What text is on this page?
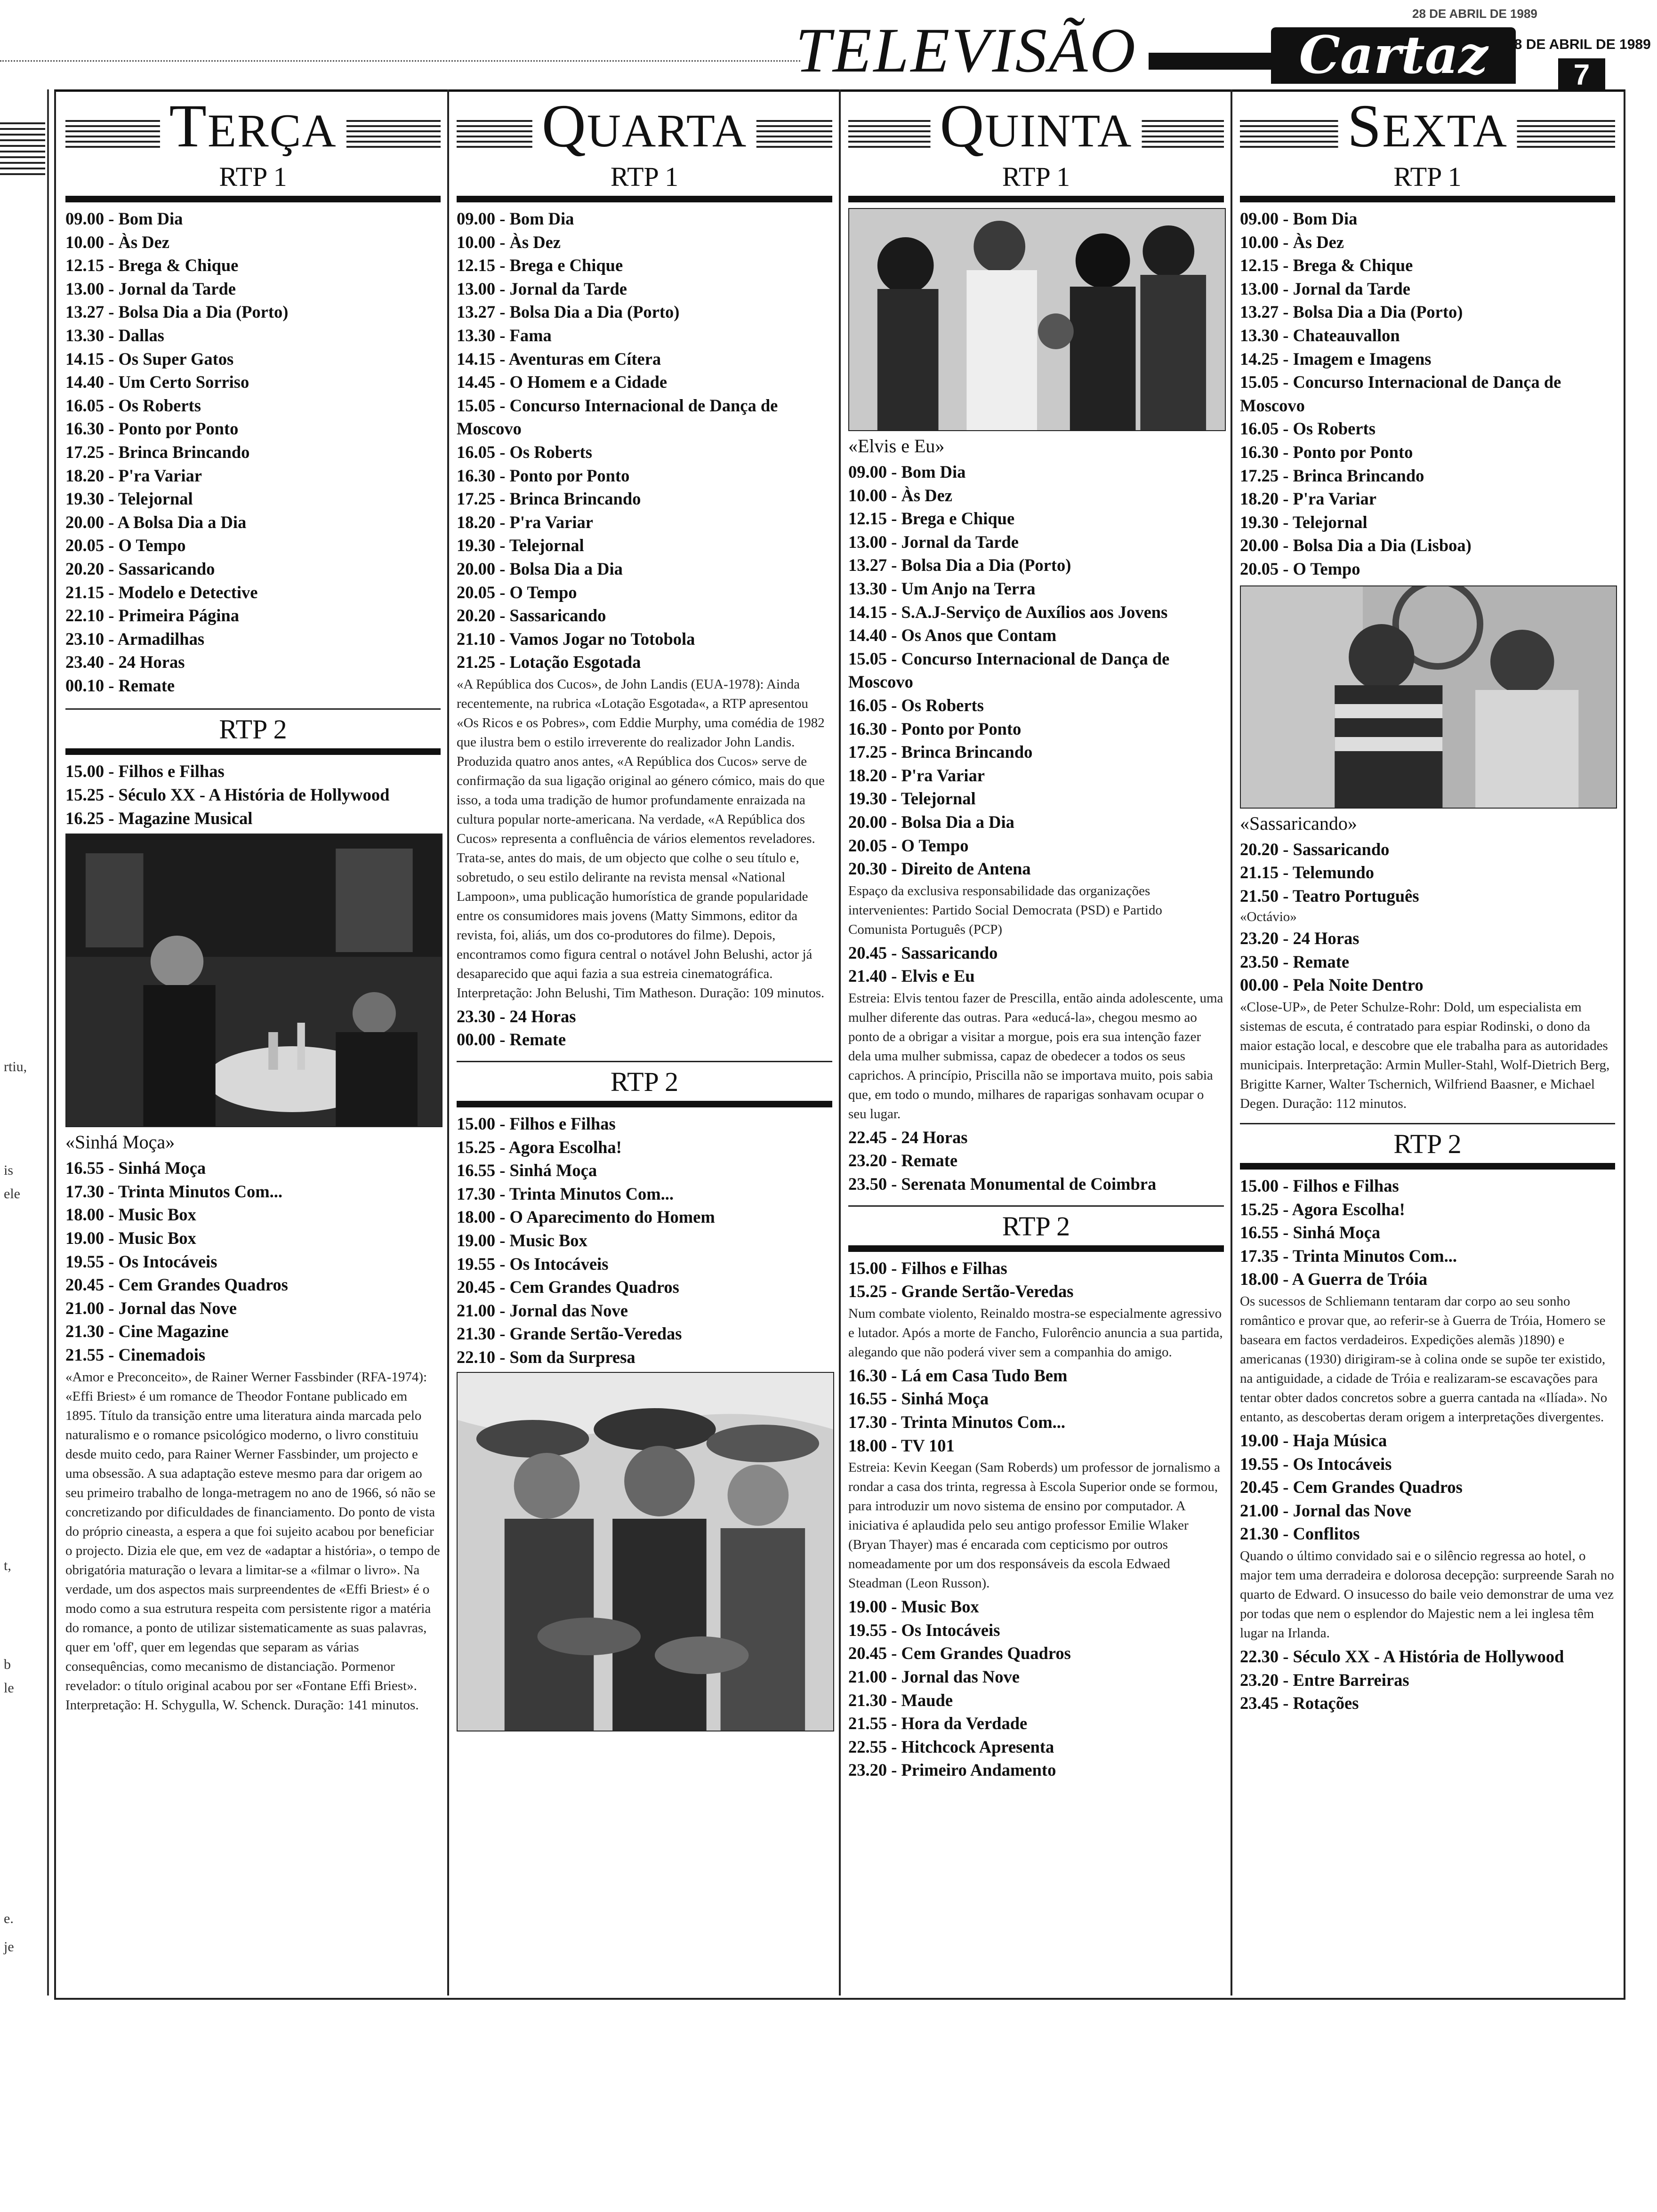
28 DE ABRIL DE 1989
TELEVISÃO	Cartaz	28 DE ABRIL DE 1989
7
rtiu,
is
ele
t,
b
le
e.
je
TERÇA
RTP 1
09.00 - Bom Dia
10.00 - Às Dez
12.15 - Brega & Chique
13.00 - Jornal da Tarde
13.27 - Bolsa Dia a Dia (Porto)
13.30 - Dallas
14.15 - Os Super Gatos
14.40 - Um Certo Sorriso
16.05 - Os Roberts
16.30 - Ponto por Ponto
17.25 - Brinca Brincando
18.20 - P'ra Variar
19.30 - Telejornal
20.00 - A Bolsa Dia a Dia
20.05 - O Tempo
20.20 - Sassaricando
21.15 - Modelo e Detective
22.10 - Primeira Página
23.10 - Armadilhas
23.40 - 24 Horas
00.10 - Remate
RTP 2
15.00 - Filhos e Filhas
15.25 - Século XX - A História de Hollywood
16.25 - Magazine Musical
«Sinhá Moça»
16.55 - Sinhá Moça
17.30 - Trinta Minutos Com...
18.00 - Music Box
19.00 - Music Box
19.55 - Os Intocáveis
20.45 - Cem Grandes Quadros
21.00 - Jornal das Nove
21.30 - Cine Magazine
21.55 - Cinemadois

«Amor e Preconceito», de Rainer Werner Fassbinder (RFA-1974): «Effi Briest» é um romance de Theodor Fontane publicado em 1895. Título da transição entre uma literatura ainda marcada pelo naturalismo e o romance psicológico moderno, o livro constituiu desde muito cedo, para Rainer Werner Fassbinder, um projecto e uma obsessão. A sua adaptação esteve mesmo para dar origem ao seu primeiro trabalho de longa-metragem no ano de 1966, só não se concretizando por dificuldades de financiamento. Do ponto de vista do próprio cineasta, a espera a que foi sujeito acabou por beneficiar o projecto. Dizia ele que, em vez de «adaptar a história», o tempo de obrigatória maturação o levara a limitar-se a «filmar o livro». Na verdade, um dos aspectos mais surpreendentes de «Effi Briest» é o modo como a sua estrutura respeita com persistente rigor a matéria do romance, a ponto de utilizar sistematicamente as suas palavras, quer em 'off', quer em legendas que separam as várias consequências, como mecanismo de distanciação. Pormenor revelador: o título original acabou por ser «Fontane Effi Briest». Interpretação: H. Schygulla, W. Schenck. Duração: 141 minutos.

QUARTA
RTP 1
09.00 - Bom Dia
10.00 - Às Dez
12.15 - Brega e Chique
13.00 - Jornal da Tarde
13.27 - Bolsa Dia a Dia (Porto)
13.30 - Fama
14.15 - Aventuras em Cítera
14.45 - O Homem e a Cidade
15.05 - Concurso Internacional de Dança de Moscovo
16.05 - Os Roberts
16.30 - Ponto por Ponto
17.25 - Brinca Brincando
18.20 - P'ra Variar
19.30 - Telejornal
20.00 - Bolsa Dia a Dia
20.05 - O Tempo
20.20 - Sassaricando
21.10 - Vamos Jogar no Totobola
21.25 - Lotação Esgotada

«A República dos Cucos», de John Landis (EUA-1978): Ainda recentemente, na rubrica «Lotação Esgotada«, a RTP apresentou «Os Ricos e os Pobres», com Eddie Murphy, uma comédia de 1982 que ilustra bem o estilo irreverente do realizador John Landis. Produzida quatro anos antes, «A República dos Cucos» serve de confirmação da sua ligação original ao género cómico, mais do que isso, a toda uma tradição de humor profundamente enraizada na cultura popular norte-americana. Na verdade, «A República dos Cucos» representa a confluência de vários elementos reveladores. Trata-se, antes do mais, de um objecto que colhe o seu título e, sobretudo, o seu estilo delirante na revista mensal «National Lampoon», uma publicação humorística de grande popularidade entre os consumidores mais jovens (Matty Simmons, editor da revista, foi, aliás, um dos co-produtores do filme). Depois, encontramos como figura central o notável John Belushi, actor já desaparecido que aqui fazia a sua estreia cinematográfica. Interpretação: John Belushi, Tim Matheson. Duração: 109 minutos.

23.30 - 24 Horas
00.00 - Remate
RTP 2
15.00 - Filhos e Filhas
15.25 - Agora Escolha!
16.55 - Sinhá Moça
17.30 - Trinta Minutos Com...
18.00 - O Aparecimento do Homem
19.00 - Music Box
19.55 - Os Intocáveis
20.45 - Cem Grandes Quadros
21.00 - Jornal das Nove
21.30 - Grande Sertão-Veredas
22.10 - Som da Surpresa
QUINTA
RTP 1
«Elvis e Eu»
09.00 - Bom Dia
10.00 - Às Dez
12.15 - Brega e Chique
13.00 - Jornal da Tarde
13.27 - Bolsa Dia a Dia (Porto)
13.30 - Um Anjo na Terra
14.15 - S.A.J-Serviço de Auxílios aos Jovens
14.40 - Os Anos que Contam
15.05 - Concurso Internacional de Dança de Moscovo
16.05 - Os Roberts
16.30 - Ponto por Ponto
17.25 - Brinca Brincando
18.20 - P'ra Variar
19.30 - Telejornal
20.00 - Bolsa Dia a Dia
20.05 - O Tempo
20.30 - Direito de Antena

Espaço da exclusiva responsabilidade das organizações intervenientes: Partido Social Democrata (PSD) e Partido Comunista Português (PCP)

20.45 - Sassaricando
21.40 - Elvis e Eu

Estreia: Elvis tentou fazer de Prescilla, então ainda adolescente, uma mulher diferente das outras. Para «educá-la», chegou mesmo ao ponto de a obrigar a visitar a morgue, pois era sua intenção fazer dela uma mulher submissa, capaz de obedecer a todos os seus caprichos. A princípio, Priscilla não se importava muito, pois sabia que, em todo o mundo, milhares de raparigas sonhavam ocupar o seu lugar.

22.45 - 24 Horas
23.20 - Remate
23.50 - Serenata Monumental de Coimbra
RTP 2
15.00 - Filhos e Filhas
15.25 - Grande Sertão-Veredas

Num combate violento, Reinaldo mostra-se especialmente agressivo e lutador. Após a morte de Fancho, Fulorêncio anuncia a sua partida, alegando que não poderá viver sem a companhia do amigo.

16.30 - Lá em Casa Tudo Bem
16.55 - Sinhá Moça
17.30 - Trinta Minutos Com...
18.00 - TV 101

Estreia: Kevin Keegan (Sam Roberds) um professor de jornalismo a rondar a casa dos trinta, regressa à Escola Superior onde se formou, para introduzir um novo sistema de ensino por computador. A iniciativa é aplaudida pelo seu antigo professor Emilie Wlaker (Bryan Thayer) mas é encarada com cepticismo por outros nomeadamente por um dos responsáveis da escola Edwaed Steadman (Leon Russon).

19.00 - Music Box
19.55 - Os Intocáveis
20.45 - Cem Grandes Quadros
21.00 - Jornal das Nove
21.30 - Maude
21.55 - Hora da Verdade
22.55 - Hitchcock Apresenta
23.20 - Primeiro Andamento
SEXTA
RTP 1
09.00 - Bom Dia
10.00 - Às Dez
12.15 - Brega & Chique
13.00 - Jornal da Tarde
13.27 - Bolsa Dia a Dia (Porto)
13.30 - Chateauvallon
14.25 - Imagem e Imagens
15.05 - Concurso Internacional de Dança de Moscovo
16.05 - Os Roberts
16.30 - Ponto por Ponto
17.25 - Brinca Brincando
18.20 - P'ra Variar
19.30 - Telejornal
20.00 - Bolsa Dia a Dia (Lisboa)
20.05 - O Tempo
«Sassaricando»
20.20 - Sassaricando
21.15 - Telemundo
21.50 - Teatro Português

«Octávio»

23.20 - 24 Horas
23.50 - Remate
00.00 - Pela Noite Dentro

«Close-UP», de Peter Schulze-Rohr: Dold, um especialista em sistemas de escuta, é contratado para espiar Rodinski, o dono da maior estação local, e descobre que ele trabalha para as autoridades municipais. Interpretação: Armin Muller-Stahl, Wolf-Dietrich Berg, Brigitte Karner, Walter Tschernich, Wilfriend Baasner, e Michael Degen. Duração: 112 minutos.

RTP 2
15.00 - Filhos e Filhas
15.25 - Agora Escolha!
16.55 - Sinhá Moça
17.35 - Trinta Minutos Com...
18.00 - A Guerra de Tróia

Os sucessos de Schliemann tentaram dar corpo ao seu sonho romântico e provar que, ao referir-se à Guerra de Tróia, Homero se baseara em factos verdadeiros. Expedições alemãs )1890) e americanas (1930) dirigiram-se à colina onde se supõe ter existido, na antiguidade, a cidade de Tróia e realizaram-se escavações para tentar obter dados concretos sobre a guerra cantada na «Ilíada». No entanto, as descobertas deram origem a interpretações divergentes.

19.00 - Haja Música
19.55 - Os Intocáveis
20.45 - Cem Grandes Quadros
21.00 - Jornal das Nove
21.30 - Conflitos

Quando o último convidado sai e o silêncio regressa ao hotel, o major tem uma derradeira e dolorosa decepção: surpreende Sarah no quarto de Edward. O insucesso do baile veio demonstrar de uma vez por todas que nem o esplendor do Majestic nem a lei inglesa têm lugar na Irlanda.

22.30 - Século XX - A História de Hollywood
23.20 - Entre Barreiras
23.45 - Rotações
